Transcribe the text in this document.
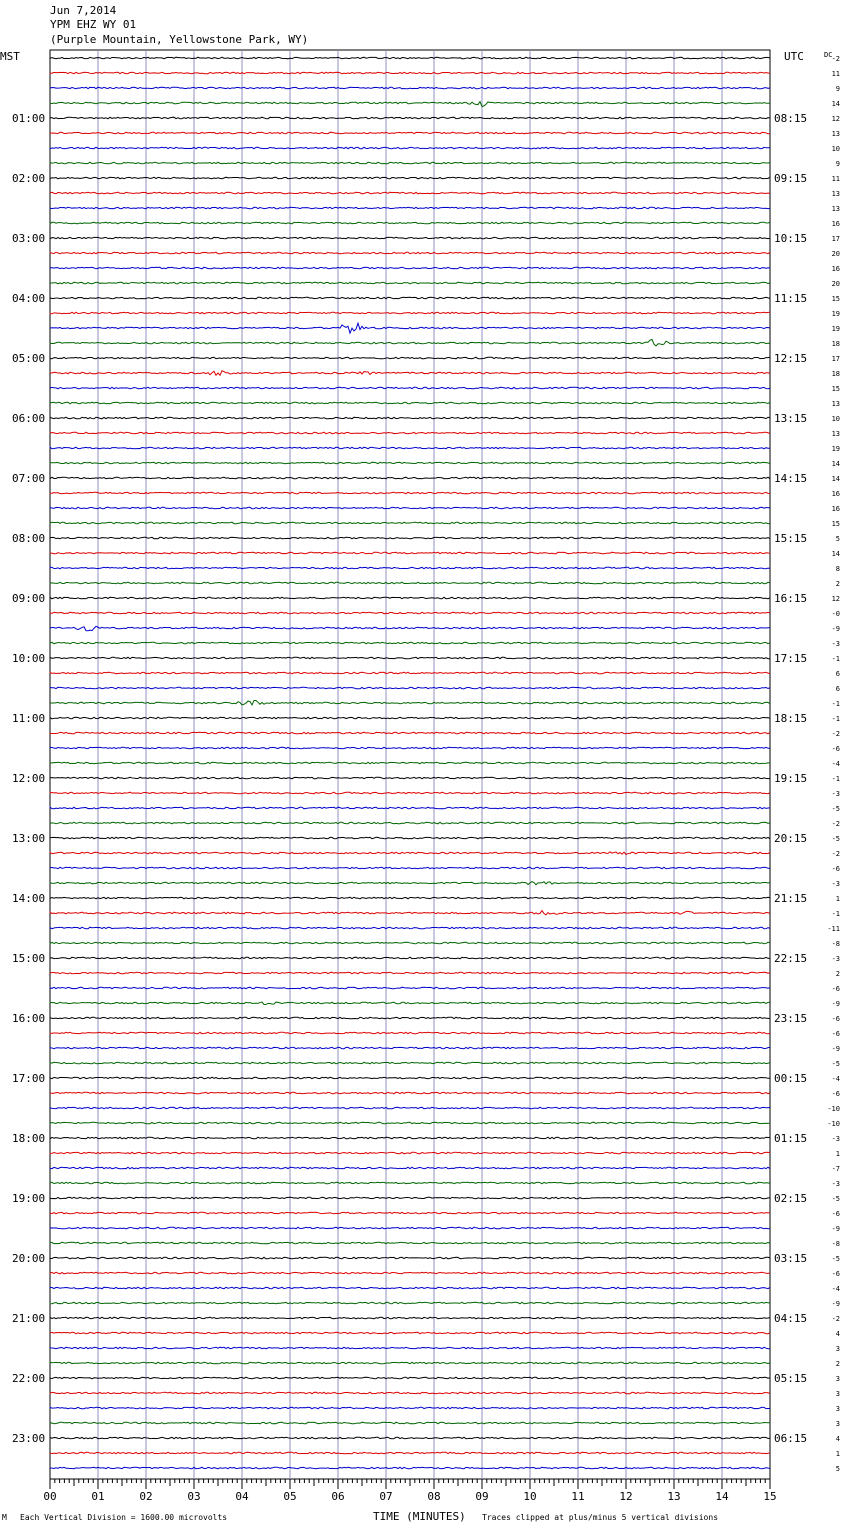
Jun 7,2014
YPM EHZ WY 01
(Purple Mountain, Yellowstone Park, WY)
-2
11
9
14
12
13
10
9
11
13
13
16
17
20
16
20
15
19
19
18
17
18
15
13
10
13
19
14
14
16
16
15
5
14
8
2
12
-0
-9
-3
-1
6
6
-1
-1
-2
-6
-4
-1
-3
-5
-2
-5
-2
-6
-3
1
-1
-11
-8
-3
2
-6
-9
-6
-6
-9
-5
-4
-6
-10
-10
-3
1
-7
-3
-5
-6
-9
-8
-5
-6
-4
-9
-2
4
3
2
3
3
3
3
4
1
5
MST	UTC	DC
01:00
02:00
03:00
04:00
05:00
06:00
07:00
08:00
09:00
10:00
11:00
12:00
13:00
14:00
15:00
16:00
17:00
18:00
19:00
20:00
21:00
22:00
23:00
08:15
09:15
10:15
11:15
12:15
13:15
14:15
15:15
16:15
17:15
18:15
19:15
20:15
21:15
22:15
23:15
00:15
01:15
02:15
03:15
04:15
05:15
06:15
00	01	02	03	04	05	06	07	08	09	10	11	12	13	14	15
M Each Vertical Division = 1600.00 microvolts	TIME (MINUTES) Traces clipped at plus/minus 5 vertical divisions
